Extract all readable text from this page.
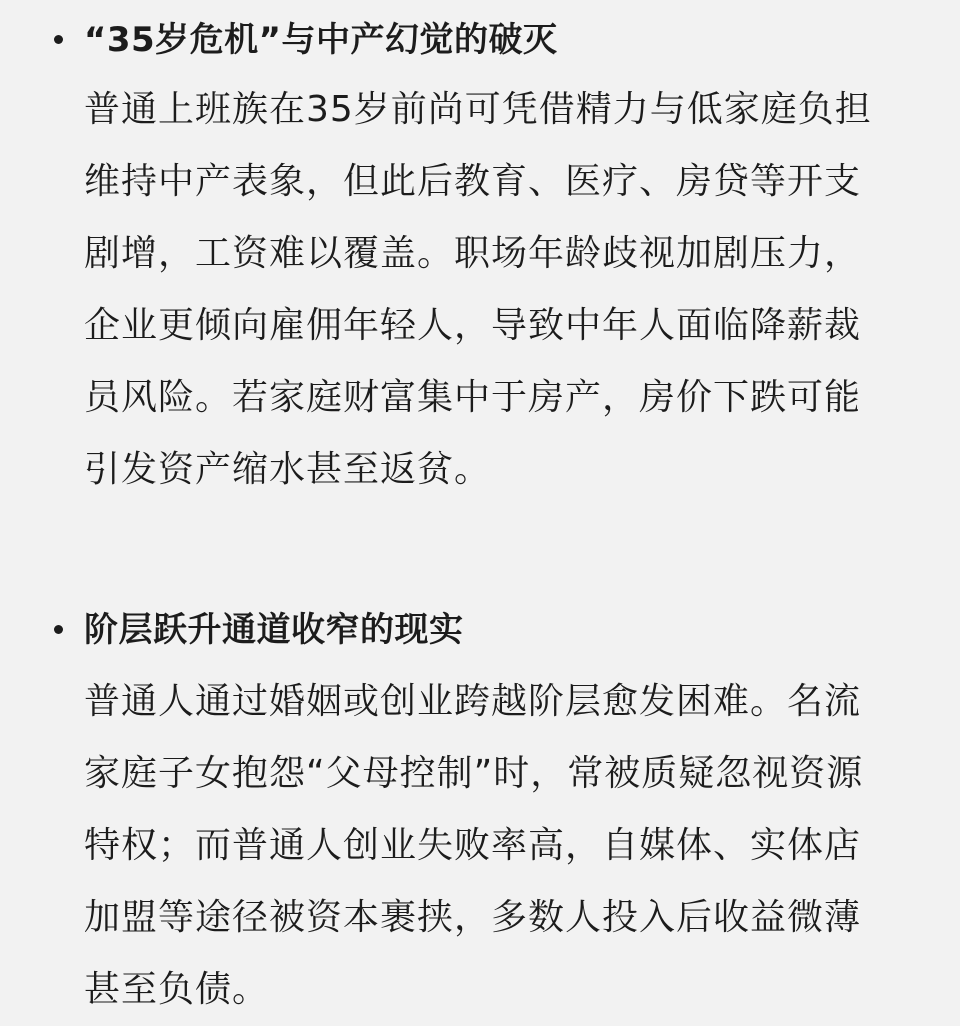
“35岁危机”与中产幻觉的破灭
普通上班族在35岁前尚可凭借精力与低家庭负担
维持中产表象，但此后教育、医疗、房贷等开支
剧增，工资难以覆盖。职场年龄歧视加剧压力，
企业更倾向雇佣年轻人，导致中年人面临降薪裁
员风险。若家庭财富集中于房产，房价下跌可能
引发资产缩水甚至返贫。
阶层跃升通道收窄的现实
普通人通过婚姻或创业跨越阶层愈发困难。名流
家庭子女抱怨“父母控制”时，常被质疑忽视资源
特权；而普通人创业失败率高，自媒体、实体店
加盟等途径被资本裹挟，多数人投入后收益微薄
甚至负债。
